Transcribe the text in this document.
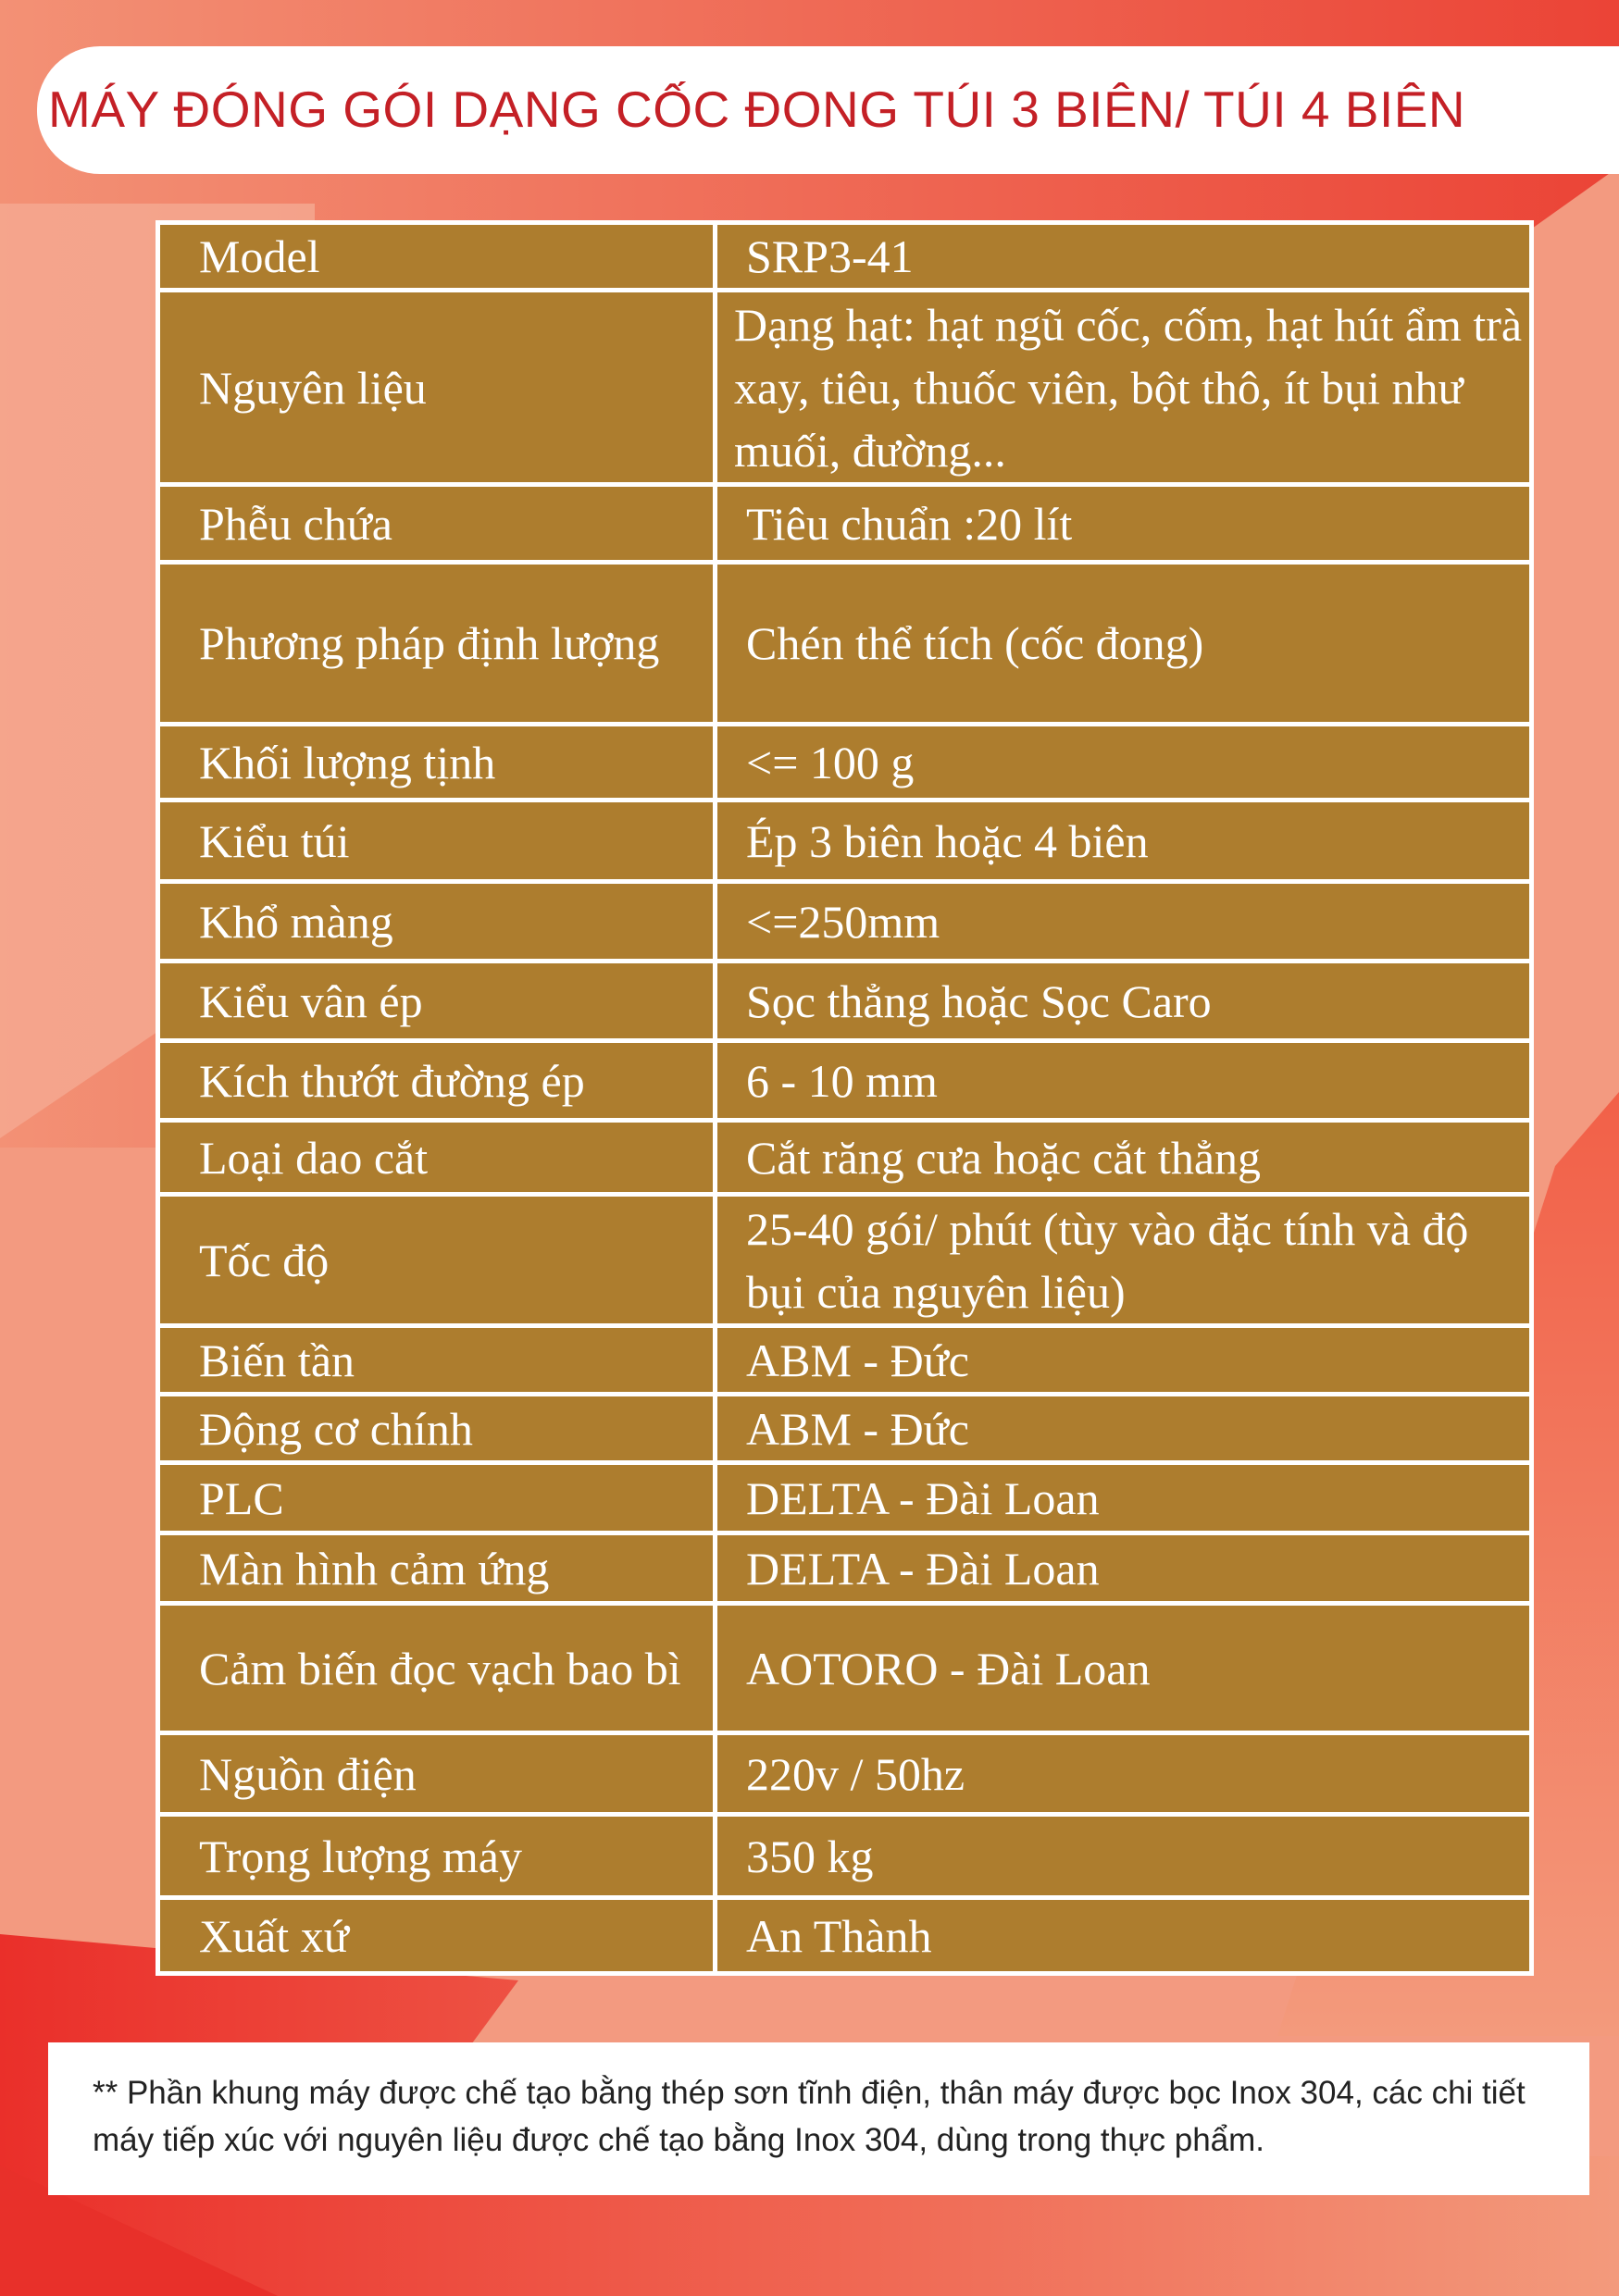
MÁY ĐÓNG GÓI DẠNG CỐC ĐONG TÚI 3 BIÊN/ TÚI 4 BIÊN
Model	SRP3-41
Nguyên liệu	Dạng hạt: hạt ngũ cốc, cốm, hạt hút ẩm trà xay, tiêu, thuốc viên, bột thô, ít bụi như muối, đường...
Phễu chứa	Tiêu chuẩn :20 lít
Phương pháp định lượng	Chén thể tích (cốc đong)
Khối lượng tịnh	<= 100 g
Kiểu túi	Ép 3 biên hoặc 4 biên
Khổ màng	<=250mm
Kiểu vân ép	Sọc thẳng hoặc Sọc Caro
Kích thướt đường ép	6 - 10 mm
Loại dao cắt	Cắt răng cưa hoặc cắt thẳng
Tốc độ	25-40 gói/ phút (tùy vào đặc tính và độ bụi của nguyên liệu)
Biến tần	ABM - Đức
Động cơ chính	ABM - Đức
PLC	DELTA - Đài Loan
Màn hình cảm ứng	DELTA - Đài Loan
Cảm biến đọc vạch bao bì	AOTORO - Đài Loan
Nguồn điện	220v / 50hz
Trọng lượng máy	350 kg
Xuất xứ	An Thành

** Phần khung máy được chế tạo bằng thép sơn tĩnh điện, thân máy được bọc Inox 304, các chi tiết máy tiếp xúc với nguyên liệu được chế tạo bằng Inox 304, dùng trong thực phẩm.
